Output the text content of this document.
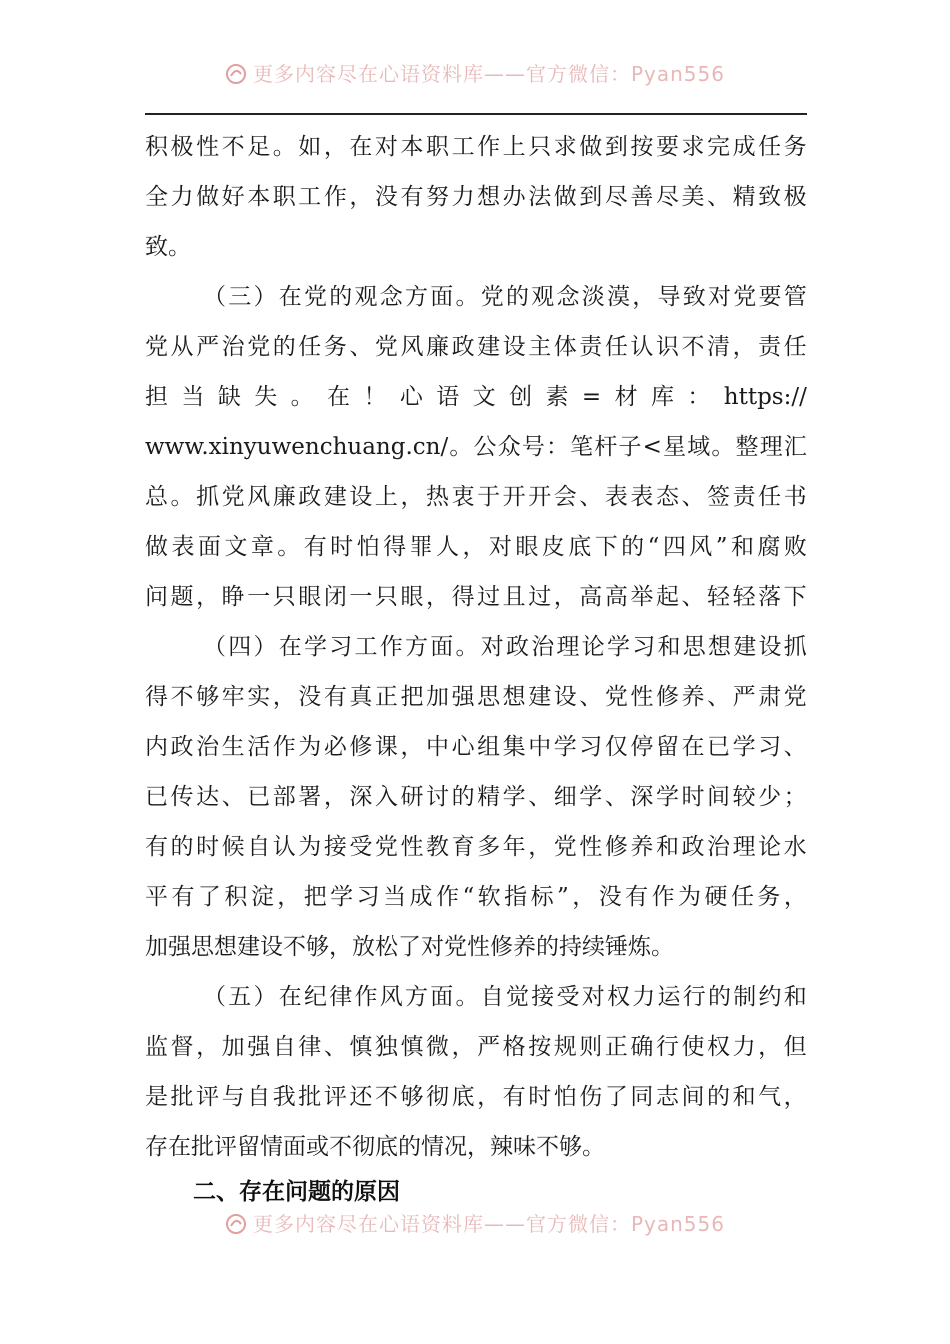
更多内容尽在心语资料库——官方微信：Pyan556
积 极 性 不 足 。 如 ， 在 对 本 职 工 作 上 只 求 做 到 按 要 求 完 成 任 务
全 力 做 好 本 职 工 作 ， 没 有 努 力 想 办 法 做 到 尽 善 尽 美 、 精 致 极
致 。
（ 三 ） 在 党 的 观 念 方 面 。 党 的 观 念 淡 漠 ， 导 致 对 党 要 管
党 从 严 治 党 的 任 务 、 党 风 廉 政 建 设 主 体 责 任 认 识 不 清 ， 责 任
担 当 缺 失 。 在 ！ 心 语 文 创 素 = 材 库 ： https://
www.xinyuwenchuang.cn/ 。 公 众 号 ： 笔 杆 子 < 星 域 。 整 理 汇
总 。 抓 党 风 廉 政 建 设 上 ， 热 衷 于 开 开 会 、 表 表 态 、 签 责 任 书
做 表 面 文 章 。 有 时 怕 得 罪 人 ， 对 眼 皮 底 下 的 “ 四 风 ” 和 腐 败
问 题 ， 睁 一 只 眼 闭 一 只 眼 ， 得 过 且 过 ， 高 高 举 起 、 轻 轻 落 下
（ 四 ） 在 学 习 工 作 方 面 。 对 政 治 理 论 学 习 和 思 想 建 设 抓
得 不 够 牢 实 ， 没 有 真 正 把 加 强 思 想 建 设 、 党 性 修 养 、 严 肃 党
内 政 治 生 活 作 为 必 修 课 ， 中 心 组 集 中 学 习 仅 停 留 在 已 学 习 、
已 传 达 、 已 部 署 ， 深 入 研 讨 的 精 学 、 细 学 、 深 学 时 间 较 少 ；
有 的 时 候 自 认 为 接 受 党 性 教 育 多 年 ， 党 性 修 养 和 政 治 理 论 水
平 有 了 积 淀 ， 把 学 习 当 成 作 “ 软 指 标 ” ， 没 有 作 为 硬 任 务 ，
加 强 思 想 建 设 不 够 ， 放 松 了 对 党 性 修 养 的 持 续 锤 炼 。
（ 五 ） 在 纪 律 作 风 方 面 。 自 觉 接 受 对 权 力 运 行 的 制 约 和
监 督 ， 加 强 自 律 、 慎 独 慎 微 ， 严 格 按 规 则 正 确 行 使 权 力 ， 但
是 批 评 与 自 我 批 评 还 不 够 彻 底 ， 有 时 怕 伤 了 同 志 间 的 和 气 ，
存 在 批 评 留 情 面 或 不 彻 底 的 情 况 ， 辣 味 不 够 。
二、存在问题的原因
更多内容尽在心语资料库——官方微信：Pyan556
